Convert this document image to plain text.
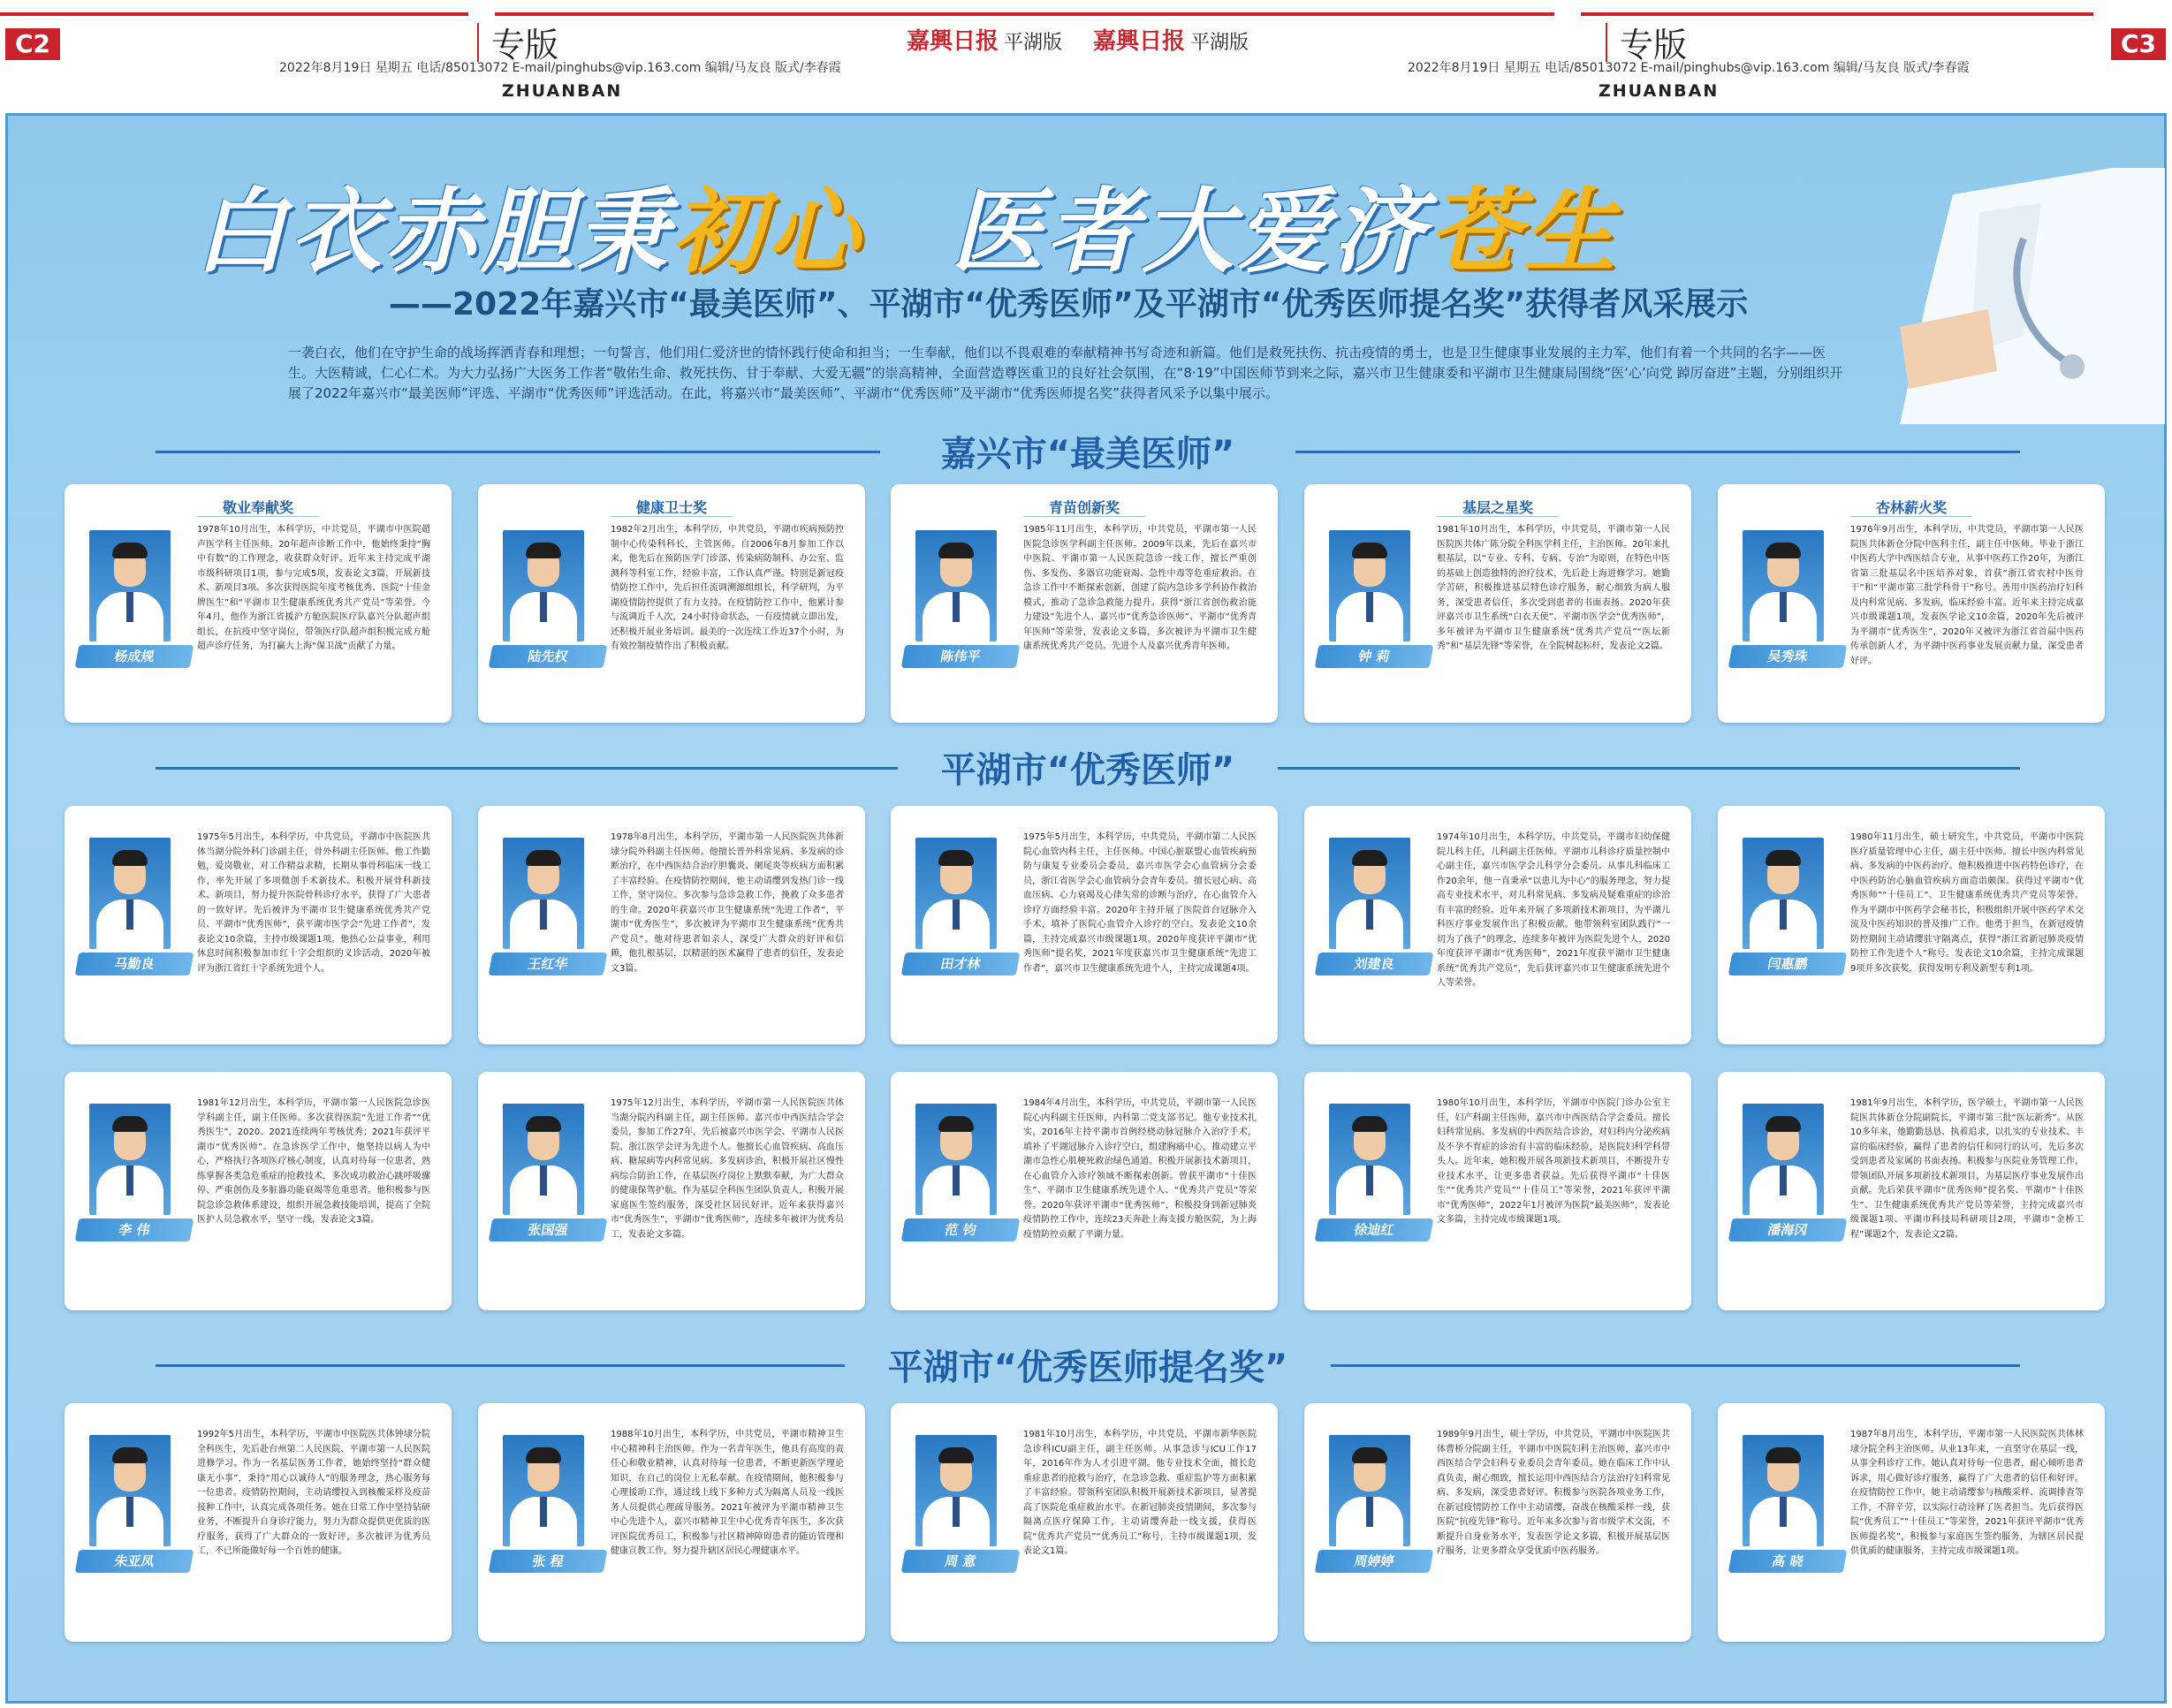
C2	专版
ZHUANBAN
2022年8月19日 星期五 电话/85013072 E-mail/pinghubs@vip.163.com 编辑/马友良 版式/李春霞
嘉興日报 平湖版 嘉興日报 平湖版	专版
ZHUANBAN
2022年8月19日 星期五 电话/85013072 E-mail/pinghubs@vip.163.com 编辑/马友良 版式/李春霞
C3
白衣赤胆秉初心 医者大爱济苍生
——2022年嘉兴市“最美医师”、平湖市“优秀医师”及平湖市“优秀医师提名奖”获得者风采展示
一袭白衣，他们在守护生命的战场挥洒青春和理想；一句誓言，他们用仁爱济世的情怀践行使命和担当；一生奉献，他们以不畏艰难的奉献精神书写奇迹和新篇。他们是救死扶伤、抗击疫情的勇士，也是卫生健康事业发展的主力军，他们有着一个共同的名字——医生。大医精诚，仁心仁术。为大力弘扬广大医务工作者“敬佑生命、救死扶伤、甘于奉献、大爱无疆”的崇高精神，全面营造尊医重卫的良好社会氛围，在“8·19”中国医师节到来之际，嘉兴市卫生健康委和平湖市卫生健康局围绕“医‘心’向党 踔厉奋进”主题，分别组织开展了2022年嘉兴市“最美医师”评选、平湖市“优秀医师”评选活动。在此，将嘉兴市“最美医师”、平湖市“优秀医师”及平湖市“优秀医师提名奖”获得者风采予以集中展示。
嘉兴市“最美医师”
平湖市“优秀医师”
平湖市“优秀医师提名奖”
敬业奉献奖
杨成规
1978年10月出生，本科学历，中共党员，平湖市中医院超声医学科主任医师。20年超声诊断工作中，他始终秉持“胸中有数”的工作理念，收获群众好评。近年来主持完成平湖市级科研项目1项，参与完成5项，发表论文3篇，开展新技术、新项目3项。多次获得医院年度考核优秀、医院“十佳金牌医生”和“平湖市卫生健康系统优秀共产党员”等荣誉。今年4月，他作为浙江省援沪方舱医院医疗队嘉兴分队超声组组长，在抗疫中坚守岗位，带领医疗队超声组积极完成方舱超声诊疗任务，为打赢大上海“保卫战”贡献了力量。
健康卫士奖
陆先权
1982年2月出生，本科学历，中共党员，平湖市疾病预防控制中心传染科科长，主管医师。自2006年8月参加工作以来，他先后在预防医学门诊部、传染病防制科、办公室、监测科等科室工作，经验丰富，工作认真严谨。特别是新冠疫情防控工作中，先后担任流调溯源组组长，科学研判，为平湖疫情防控提供了有力支持。在疫情防控工作中，他累计参与流调近千人次，24小时待命状态，一有疫情就立即出发，还积极开展业务培训。最美的一次连续工作近37个小时，为有效控制疫情作出了积极贡献。
青苗创新奖
陈伟平
1985年11月出生，本科学历，中共党员，平湖市第一人民医院急诊医学科副主任医师。2009年以来，先后在嘉兴市中医院、平湖市第一人民医院急诊一线工作，擅长严重创伤、多发伤、多器官功能衰竭、急性中毒等危重症救治。在急诊工作中不断探索创新，创建了院内急诊多学科协作救治模式，推动了急诊急救能力提升。获得“浙江省创伤救治能力建设”先进个人、嘉兴市“优秀急诊医师”、平湖市“优秀青年医师”等荣誉，发表论文多篇，多次被评为平湖市卫生健康系统优秀共产党员。先进个人及嘉兴优秀青年医师。
基层之星奖
钟 莉
1981年10月出生，本科学历，中共党员，平湖市第一人民医院医共体广陈分院全科医学科主任，主治医师。20年来扎根基层，以“专业、专科、专病、专治”为原则，在特色中医的基础上创造独特的治疗技术，先后赴上海进修学习。她勤学苦研，积极推进基层特色诊疗服务，耐心细致为病人服务，深受患者信任，多次受到患者的书面表扬。2020年获评嘉兴市卫生系统“白衣天使”、平湖市医学会“优秀医师”，多年被评为平湖市卫生健康系统“优秀共产党员”“医坛新秀”和“基层先锋”等荣誉，在全院树起标杆，发表论文2篇。
杏林薪火奖
吴秀珠
1976年9月出生，本科学历，中共党员，平湖市第一人民医院医共体新仓分院中医科主任，副主任中医师。毕业于浙江中医药大学中西医结合专业，从事中医药工作20年，为浙江省第三批基层名中医培养对象，首获“浙江省农村中医骨干”和“平湖市第三批学科骨干”称号。善用中医药治疗妇科及内科常见病、多发病，临床经验丰富。近年来主持完成嘉兴市级课题1项，发表医学论文10余篇，2020年先后被评为平湖市“优秀医生”，2020年又被评为浙江省首届中医药传承创新人才，为平湖中医药事业发展贡献力量，深受患者好评。
马勤良
1975年5月出生，本科学历，中共党员，平湖市中医院医共体当湖分院外科门诊副主任，骨外科副主任医师。他工作勤勉，爱岗敬业，对工作精益求精，长期从事骨科临床一线工作，率先开展了多项微创手术新技术。积极开展骨科新技术、新项目，努力提升医院骨科诊疗水平，获得了广大患者的一致好评。先后被评为平湖市卫生健康系统优秀共产党员、平湖市“优秀医师”，获平湖市医学会“先进工作者”，发表论文10余篇，主持市级课题1项。他热心公益事业，利用休息时间积极参加市红十字会组织的义诊活动，2020年被评为浙江省红十字系统先进个人。	王红华
1978年8月出生，本科学历，平湖市第一人民医院医共体新埭分院外科副主任医师。他擅长普外科常见病、多发病的诊断治疗，在中西医结合治疗胆囊炎、阑尾炎等疾病方面积累了丰富经验。在疫情防控期间，他主动请缨到发热门诊一线工作，坚守岗位。多次参与急诊急救工作，挽救了众多患者的生命。2020年获嘉兴市卫生健康系统“先进工作者”，平湖市“优秀医生”，多次被评为平湖市卫生健康系统“优秀共产党员”。他对待患者如亲人，深受广大群众的好评和信赖，他扎根基层，以精湛的医术赢得了患者的信任，发表论文3篇。	田才林
1975年5月出生，本科学历，中共党员，平湖市第二人民医院心血管内科主任，主任医师。中国心脏联盟心血管疾病预防与康复专业委员会委员，嘉兴市医学会心血管病分会委员，浙江省医学会心血管病分会青年委员。擅长冠心病、高血压病、心力衰竭及心律失常的诊断与治疗，在心血管介入诊疗方面经验丰富。2020年主持开展了医院首台冠脉介入手术，填补了医院心血管介入诊疗的空白。发表论文10余篇，主持完成嘉兴市级课题1项。2020年度获评平湖市“优秀医师”提名奖，2021年度获嘉兴市卫生健康系统“先进工作者”，嘉兴市卫生健康系统先进个人，主持完成课题4项。	刘建良
1974年10月出生，本科学历，中共党员，平湖市妇幼保健院儿科主任，儿科副主任医师。平湖市儿科诊疗质量控制中心副主任，嘉兴市医学会儿科学分会委员。从事儿科临床工作20余年，他一直秉承“以患儿为中心”的服务理念，努力提高专业技术水平，对儿科常见病、多发病及疑难重症的诊治有丰富的经验。近年来开展了多项新技术新项目，为平湖儿科医疗事业发展作出了积极贡献。他带领科室团队践行“一切为了孩子”的理念，连续多年被评为医院先进个人，2020年度获评平湖市“优秀医师”，2021年度获平湖市卫生健康系统“优秀共产党员”，先后获评嘉兴市卫生健康系统先进个人等荣誉。
闫惠鹏
1980年11月出生，硕士研究生，中共党员，平湖市中医院医疗质量管理中心主任，副主任中医师。擅长中医内科常见病、多发病的中医药治疗。他积极推进中医药特色诊疗，在中医药防治心脑血管疾病方面造诣颇深。获得过平湖市“优秀医师”“十佳员工”、卫生健康系统优秀共产党员等荣誉。作为平湖市中医药学会秘书长，积极组织开展中医药学术交流及中医药知识的普及推广工作。他勇于担当，在新冠疫情防控期间主动请缨驻守隔离点，获得“浙江省新冠肺炎疫情防控工作先进个人”称号。发表论文10余篇，主持完成课题9项并多次获奖，获得发明专利及新型专利1项。
李 伟
1981年12月出生，本科学历，平湖市第一人民医院急诊医学科副主任，副主任医师。多次获得医院“先进工作者”“优秀医生”，2020、2021连续两年考核优秀；2021年获评平湖市“优秀医师”。在急诊医学工作中，他坚持以病人为中心，严格执行各项医疗核心制度，认真对待每一位患者，熟练掌握各类急危重症的抢救技术，多次成功救治心跳呼吸骤停、严重创伤及多脏器功能衰竭等危重患者。他积极参与医院急诊急救体系建设，组织开展急救技能培训，提高了全院医护人员急救水平，坚守一线，发表论文3篇。
张国强
1975年12月出生，本科学历，平湖市第一人民医院医共体当湖分院内科副主任，副主任医师。嘉兴市中西医结合学会委员，参加工作27年，先后被嘉兴市医学会、平湖市人民医院、浙江医学会评为先进个人。他擅长心血管疾病、高血压病、糖尿病等内科常见病、多发病诊治，积极开展社区慢性病综合防治工作，在基层医疗岗位上默默奉献，为广大群众的健康保驾护航。作为基层全科医生团队负责人，积极开展家庭医生签约服务，深受社区居民好评。近年来获得嘉兴市“优秀医生”，平湖市“优秀医师”，连续多年被评为优秀员工，发表论文多篇。	范 钧
1984年4月出生，本科学历，中共党员，平湖市第一人民医院心内科副主任医师，内科第二党支部书记。他专业技术扎实，2016年主持平湖市首例经桡动脉冠脉介入治疗手术，填补了平湖冠脉介入诊疗空白，组建胸痛中心，推动建立平湖市急性心肌梗死救治绿色通道。积极开展新技术新项目，在心血管介入诊疗领域不断探索创新。曾获平湖市“十佳医生”、平湖市卫生健康系统先进个人、“优秀共产党员”等荣誉。2020年获评平湖市“优秀医师”，积极投身到新冠肺炎疫情防控工作中，连续23天奔赴上海支援方舱医院，为上海疫情防控贡献了平湖力量。	徐迪红
1980年10月出生，本科学历，平湖市中医院门诊办公室主任，妇产科副主任医师，嘉兴市中西医结合学会委员。擅长妇科常见病、多发病的中西医结合诊治，对妇科内分泌疾病及不孕不育症的诊治有丰富的临床经验，是医院妇科学科带头人。近年来，她积极开展各项新技术新项目，不断提升专业技术水平，让更多患者获益。先后获得平湖市“十佳医生”“优秀共产党员”“十佳员工”等荣誉，2021年获评平湖市“优秀医师”，2022年1月被评为医院“最美医师”，发表论文多篇，主持完成市级课题1项。
潘海冈
1981年9月出生，本科学历，医学硕士，平湖市第一人民医院医共体新仓分院副院长，平湖市第三批“医坛新秀”。从医10多年来，他勤勤恳恳、执着追求，以扎实的专业技术、丰富的临床经验，赢得了患者的信任和同行的认可，先后多次受到患者及家属的书面表扬。积极参与医院业务管理工作，带领团队开展多项新技术新项目，为基层医疗事业发展作出贡献。先后荣获平湖市“优秀医师”提名奖、平湖市“十佳医生”、卫生健康系统优秀共产党员等荣誉，主持完成嘉兴市级课题1项、平湖市科技局科研项目2项，平湖市“金桥工程”课题2个，发表论文2篇。
朱亚凤
1992年5月出生，本科学历，平湖市中医院医共体钟埭分院全科医生，先后赴台州第二人民医院、平湖市第一人民医院进修学习。作为一名基层医务工作者，她始终坚持“群众健康无小事”，秉持“用心以诚待人”的服务理念，热心服务每一位患者。疫情防控期间，主动请缨投入到核酸采样及疫苗接种工作中，认真完成各项任务。她在日常工作中坚持钻研业务，不断提升自身诊疗能力，努力为群众提供更优质的医疗服务，获得了广大群众的一致好评，多次被评为优秀员工，不已所能做好每一个百姓的健康。
张 程
1988年10月出生，本科学历，中共党员，平湖市精神卫生中心精神科主治医师。作为一名青年医生，他具有高度的责任心和敬业精神，认真对待每一位患者，不断更新医学理论知识，在自己的岗位上无私奉献。在疫情期间，他积极参与心理援助工作，通过线上线下多种方式为隔离人员及一线医务人员提供心理疏导服务。2021年被评为平湖市精神卫生中心先进个人，嘉兴市精神卫生中心优秀青年医生，多次获评医院优秀员工，积极参与社区精神障碍患者的随访管理和健康宣教工作，努力提升辖区居民心理健康水平。
周 意
1981年10月出生，本科学历，中共党员，平湖市新华医院急诊科ICU副主任，副主任医师。从事急诊与ICU工作17年，2016年作为人才引进平湖。他专业技术全面，擅长危重症患者的抢救与治疗，在急诊急救、重症监护等方面积累了丰富经验。带领科室团队积极开展新技术新项目，显著提高了医院危重症救治水平。在新冠肺炎疫情期间，多次参与隔离点医疗保障工作，主动请缨奔赴一线支援，获得医院“优秀共产党员”“优秀员工”称号，主持市级课题1项，发表论文1篇。
周婷婷
1989年9月出生，硕士学历，中共党员，平湖市中医院医共体曹桥分院副主任，平湖市中医院妇科主治医师，嘉兴市中西医结合学会妇科专业委员会青年委员。她在临床工作中认真负责，耐心细致，擅长运用中西医结合方法治疗妇科常见病、多发病，深受患者好评。积极参与医院各项业务工作，在新冠疫情防控工作中主动请缨，奋战在核酸采样一线，获医院“抗疫先锋”称号。近年来多次参与省市级学术交流，不断提升自身业务水平，发表医学论文多篇，积极开展基层医疗服务，让更多群众享受优质中医药服务。
高 晓
1987年8月出生，本科学历，平湖市第一人民医院医共体林埭分院全科主治医师。从业13年来，一直坚守在基层一线，从事全科诊疗工作。她认真对待每一位患者，耐心倾听患者诉求，用心做好诊疗服务，赢得了广大患者的信任和好评。在疫情防控工作中，她主动请缨参与核酸采样、流调排查等工作，不辞辛劳，以实际行动诠释了医者担当。先后获得医院“优秀员工”“十佳员工”等荣誉，2021年获评平湖市“优秀医师提名奖”，积极参与家庭医生签约服务，为辖区居民提供优质的健康服务，主持完成市级课题1项。
